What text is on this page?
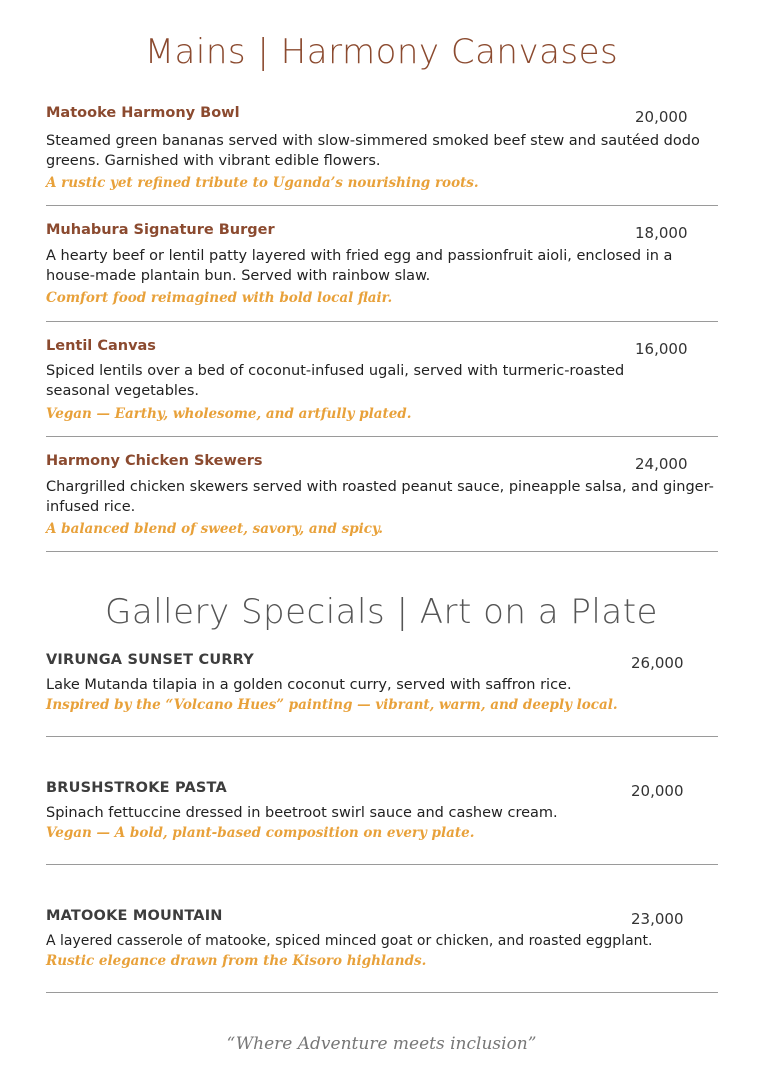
Mains | Harmony Canvases
Matooke Harmony Bowl	20,000
Steamed green bananas served with slow-simmered smoked beef stew and sautéed dodo greens. Garnished with vibrant edible flowers.
A rustic yet refined tribute to Uganda’s nourishing roots.
Muhabura Signature Burger	18,000
A hearty beef or lentil patty layered with fried egg and passionfruit aioli, enclosed in a house-made plantain bun. Served with rainbow slaw.
Comfort food reimagined with bold local flair.
Lentil Canvas	16,000
Spiced lentils over a bed of coconut-infused ugali, served with turmeric-roasted seasonal vegetables.
Vegan — Earthy, wholesome, and artfully plated.
Harmony Chicken Skewers	24,000
Chargrilled chicken skewers served with roasted peanut sauce, pineapple salsa, and ginger-infused rice.
A balanced blend of sweet, savory, and spicy.
Gallery Specials | Art on a Plate
VIRUNGA SUNSET CURRY	26,000
Lake Mutanda tilapia in a golden coconut curry, served with saffron rice.
Inspired by the “Volcano Hues” painting — vibrant, warm, and deeply local.
BRUSHSTROKE PASTA	20,000
Spinach fettuccine dressed in beetroot swirl sauce and cashew cream.
Vegan — A bold, plant-based composition on every plate.
MATOOKE MOUNTAIN	23,000
A layered casserole of matooke, spiced minced goat or chicken, and roasted eggplant.
Rustic elegance drawn from the Kisoro highlands.
“Where Adventure meets inclusion”
